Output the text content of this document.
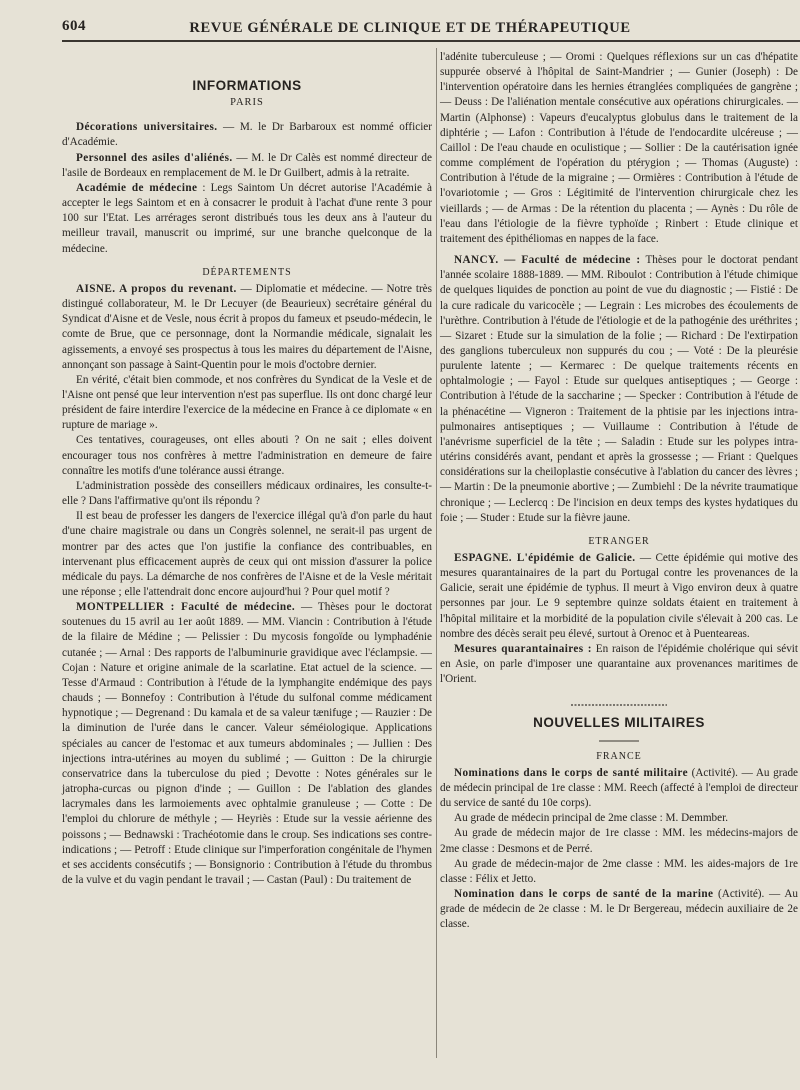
604	REVUE GÉNÉRALE DE CLINIQUE ET DE THÉRAPEUTIQUE
INFORMATIONS
PARIS

Décorations universitaires. — M. le Dr Barbaroux est nommé officier d'Académie.

Personnel des asiles d'aliénés. — M. le Dr Calès est nommé directeur de l'asile de Bordeaux en remplacement de M. le Dr Guilbert, admis à la retraite.

Académie de médecine : Legs Saintom Un décret autorise l'Académie à accepter le legs Saintom et en à consacrer le produit à l'achat d'une rente 3 pour 100 sur l'Etat. Les arrérages seront distribués tous les deux ans à l'auteur du meilleur travail, manuscrit ou imprimé, sur une branche quelconque de la médecine.

DÉPARTEMENTS

AISNE. A propos du revenant. — Diplomatie et médecine. — Notre très distingué collaborateur, M. le Dr Lecuyer (de Beaurieux) secrétaire général du Syndicat d'Aisne et de Vesle, nous écrit à propos du fameux et pseudo-médecin, le comte de Brue, que ce personnage, dont la Normandie médicale, signalait les agissements, a envoyé ses prospectus à tous les maires du département de l'Aisne, annonçant son passage à Saint-Quentin pour le mois d'octobre dernier.

En vérité, c'était bien commode, et nos confrères du Syndicat de la Vesle et de l'Aisne ont pensé que leur intervention n'est pas superflue. Ils ont donc chargé leur président de faire interdire l'exercice de la médecine en France à ce diplomate « en rupture de mariage ».

Ces tentatives, courageuses, ont elles abouti ? On ne sait ; elles doivent encourager tous nos confrères à mettre l'administration en demeure de faire connaître les motifs d'une tolérance aussi étrange.

L'administration possède des conseillers médicaux ordinaires, les consulte-t-elle ? Dans l'affirmative qu'ont ils répondu ?

Il est beau de professer les dangers de l'exercice illégal qu'à d'on parle du haut d'une chaire magistrale ou dans un Congrès solennel, ne serait-il pas urgent de montrer par des actes que l'on justifie la confiance des contribuables, en intervenant plus efficacement auprès de ceux qui ont mission d'assurer la police médicale du pays. La démarche de nos confrères de l'Aisne et de la Vesle méritait une réponse ; elle l'attendrait donc encore aujourd'hui ? Pour quel motif ?

MONTPELLIER : Faculté de médecine. — Thèses pour le doctorat soutenues du 15 avril au 1er août 1889. — MM. Viancin : Contribution à l'étude de la filaire de Médine ; — Pelissier : Du mycosis fongoïde ou lymphadénie cutanée ; — Arnal : Des rapports de l'albuminurie gravidique avec l'éclampsie. — Cojan : Nature et origine animale de la scarlatine. Etat actuel de la science. — Tesse d'Armaud : Contribution à l'étude de la lymphangite endémique des pays chauds ; — Bonnefoy : Contribution à l'étude du sulfonal comme médicament hypnotique ; — Degrenand : Du kamala et de sa valeur tænifuge ; — Rauzier : De la diminution de l'urée dans le cancer. Valeur séméiologique. Applications spéciales au cancer de l'estomac et aux tumeurs abdominales ; — Jullien : Des injections intra-utérines au moyen du sublimé ; — Guitton : De la chirurgie conservatrice dans la tuberculose du pied ; Devotte : Notes générales sur le jatropha-curcas ou pignon d'inde ; — Guillon : De l'ablation des glandes lacrymales dans les larmoiements avec ophtalmie granuleuse ; — Cotte : De l'emploi du chlorure de méthyle ; — Heyriès : Etude sur la vessie aérienne des poissons ; — Bednawski : Trachéotomie dans le croup. Ses indications ses contre-indications ; — Petroff : Etude clinique sur l'imperforation congénitale de l'hymen et ses accidents consécutifs ; — Bonsignorio : Contribution à l'étude du thrombus de la vulve et du vagin pendant le travail ; — Castan (Paul) : Du traitement de

l'adénite tuberculeuse ; — Oromi : Quelques réflexions sur un cas d'hépatite suppurée observé à l'hôpital de Saint-Mandrier ; — Gunier (Joseph) : De l'intervention opératoire dans les hernies étranglées compliquées de gangrène ; — Deuss : De l'aliénation mentale consécutive aux opérations chirurgicales. — Martin (Alphonse) : Vapeurs d'eucalyptus globulus dans le traitement de la diphtérie ; — Lafon : Contribution à l'étude de l'endocardite ulcéreuse ; — Caillol : De l'eau chaude en oculistique ; — Sollier : De la cautérisation ignée comme complément de l'opération du ptérygion ; — Thomas (Auguste) : Contribution à l'étude de la migraine ; — Ormières : Contribution à l'étude de l'ovariotomie ; — Gros : Légitimité de l'intervention chirurgicale chez les vieillards ; — de Armas : De la rétention du placenta ; — Aynès : Du rôle de l'eau dans l'étiologie de la fièvre typhoïde ; Rinbert : Etude clinique et traitement des épithéliomas en nappes de la face.

NANCY. — Faculté de médecine : Thèses pour le doctorat pendant l'année scolaire 1888-1889. — MM. Riboulot : Contribution à l'étude chimique de quelques liquides de ponction au point de vue du diagnostic ; — Fistié : De la cure radicale du varicocèle ; — Legrain : Les microbes des écoulements de l'urèthre. Contribution à l'étude de l'étiologie et de la pathogénie des uréthrites ; — Sizaret : Etude sur la simulation de la folie ; — Richard : De l'extirpation des ganglions tuberculeux non suppurés du cou ; — Voté : De la pleurésie purulente latente ; — Kermarec : De quelque traitements récents en ophtalmologie ; — Fayol : Etude sur quelques antiseptiques ; — George : Contribution à l'étude de la saccharine ; — Specker : Contribution à l'étude de la phénacétine — Vigneron : Traitement de la phtisie par les injections intra-pulmonaires antiseptiques ; — Vuillaume : Contribution à l'étude de l'anévrisme superficiel de la tête ; — Saladin : Etude sur les polypes intra-utérins considérés avant, pendant et après la grossesse ; — Friant : Quelques considérations sur la cheiloplastie consécutive à l'ablation du cancer des lèvres ; — Martin : De la pneumonie abortive ; — Zumbiehl : De la névrite traumatique chronique ; — Leclercq : De l'incision en deux temps des kystes hydatiques du foie ; — Studer : Etude sur la fièvre jaune.

ETRANGER

ESPAGNE. L'épidémie de Galicie. — Cette épidémie qui motive des mesures quarantainaires de la part du Portugal contre les provenances de la Galicie, serait une épidémie de typhus. Il meurt à Vigo environ deux à quatre personnes par jour. Le 9 septembre quinze soldats étaient en traitement à l'hôpital militaire et la morbidité de la population civile s'élevait à 200 cas. Le nombre des décès serait peu élevé, surtout à Orenoc et à Puenteareas.

Mesures quarantainaires : En raison de l'épidémie cholérique qui sévit en Asie, on parle d'imposer une quarantaine aux provenances maritimes de l'Orient.

NOUVELLES MILITAIRES
FRANCE

Nominations dans le corps de santé militaire (Activité). — Au grade de médecin principal de 1re classe : MM. Reech (affecté à l'emploi de directeur du service de santé du 10e corps).

Au grade de médecin principal de 2me classe : M. Demmber.

Au grade de médecin major de 1re classe : MM. les médecins-majors de 2me classe : Desmons et de Perré.

Au grade de médecin-major de 2me classe : MM. les aides-majors de 1re classe : Félix et Jetto.

Nomination dans le corps de santé de la marine (Activité). — Au grade de médecin de 2e classe : M. le Dr Bergereau, médecin auxiliaire de 2e classe.
